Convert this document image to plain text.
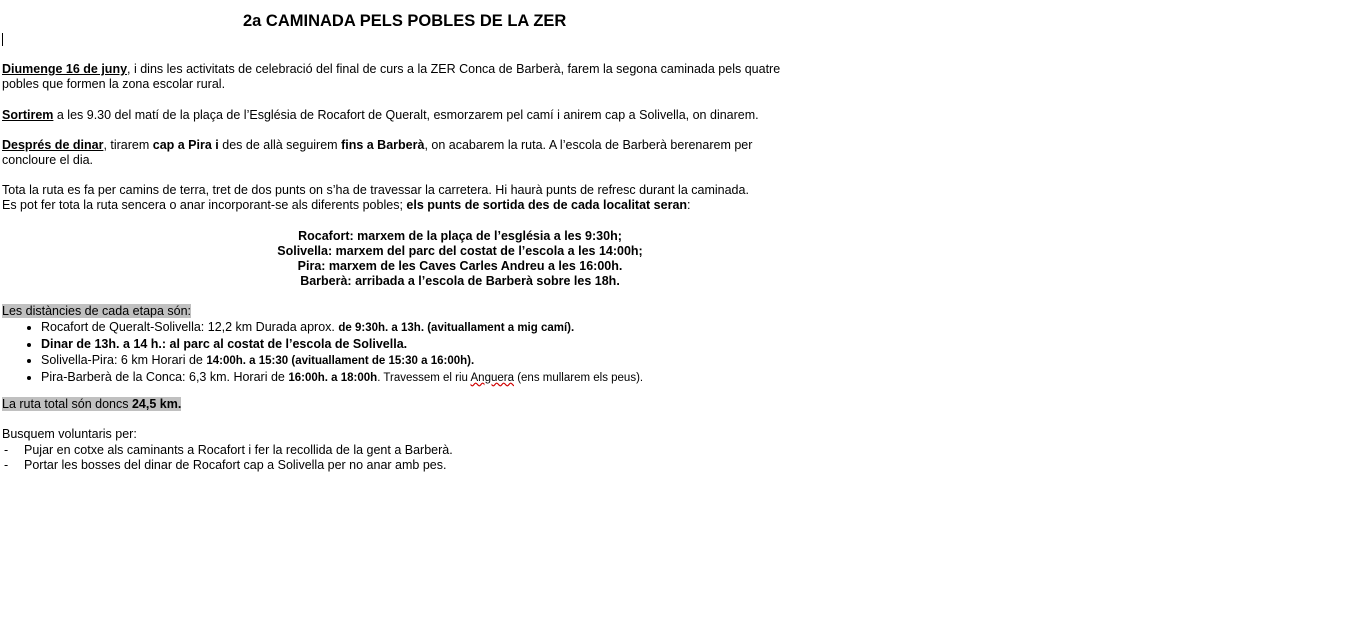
2a CAMINADA PELS POBLES DE LA ZER
Diumenge 16 de juny, i dins les activitats de celebració del final de curs a la ZER Conca de Barberà, farem la segona caminada pels quatre
pobles que formen la zona escolar rural.
Sortirem a les 9.30 del matí de la plaça de l’Església de Rocafort de Queralt, esmorzarem pel camí i anirem cap a Solivella, on dinarem.
Després de dinar, tirarem cap a Pira i des de allà seguirem fins a Barberà, on acabarem la ruta. A l’escola de Barberà berenarem per
concloure el dia.
Tota la ruta es fa per camins de terra, tret de dos punts on s’ha de travessar la carretera. Hi haurà punts de refresc durant la caminada.
Es pot fer tota la ruta sencera o anar incorporant-se als diferents pobles; els punts de sortida des de cada localitat seran:
Rocafort: marxem de la plaça de l’església a les 9:30h;
Solivella: marxem del parc del costat de l’escola a les 14:00h;
Pira: marxem de les Caves Carles Andreu a les 16:00h.
Barberà: arribada a l’escola de Barberà sobre les 18h.
Les distàncies de cada etapa són:
• Rocafort de Queralt-Solivella: 12,2 km Durada aprox. de 9:30h. a 13h. (avituallament a mig camí).
• Dinar de 13h. a 14 h.: al parc al costat de l’escola de Solivella.
• Solivella-Pira: 6 km Horari de 14:00h. a 15:30 (avituallament de 15:30 a 16:00h).
• Pira-Barberà de la Conca: 6,3 km. Horari de 16:00h. a 18:00h. Travessem el riu Anguera (ens mullarem els peus).
La ruta total són doncs 24,5 km.
Busquem voluntaris per:
- Pujar en cotxe als caminants a Rocafort i fer la recollida de la gent a Barberà.
- Portar les bosses del dinar de Rocafort cap a Solivella per no anar amb pes.
